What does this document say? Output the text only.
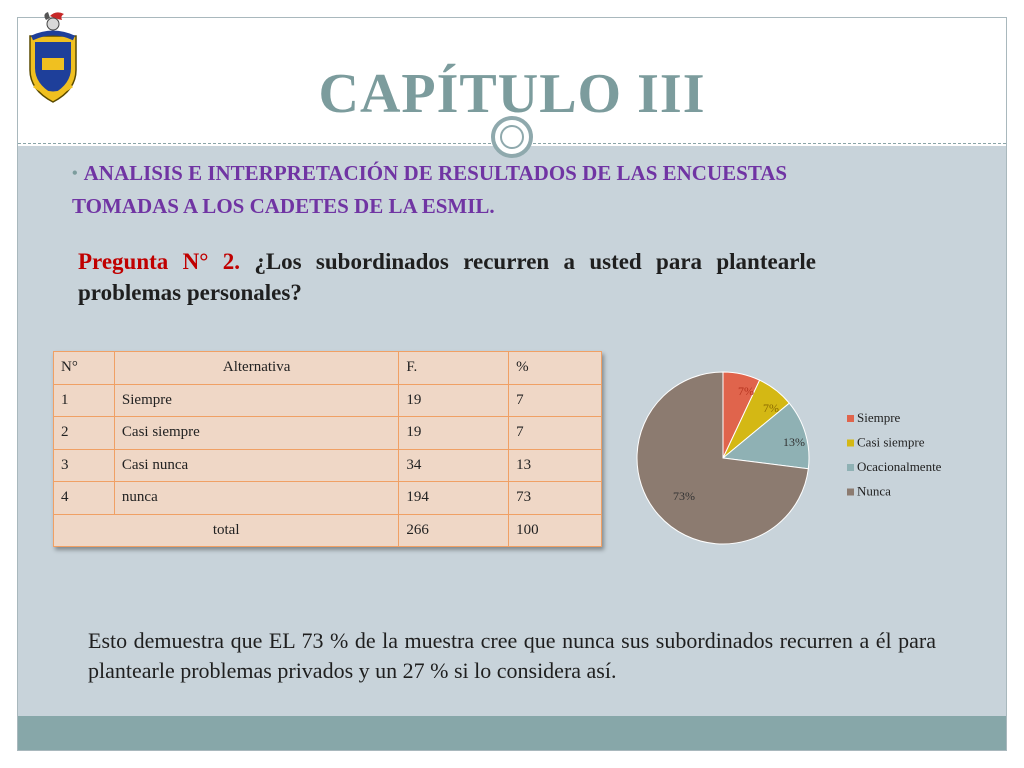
CAPÍTULO III
• ANALISIS E INTERPRETACIÓN DE RESULTADOS DE LAS ENCUESTAS TOMADAS A LOS CADETES DE LA ESMIL.
Pregunta N° 2. ¿Los subordinados recurren a usted para plantearle problemas personales?
N°	Alternativa	F.	%
1	Siempre	19	7
2	Casi siempre	19	7
3	Casi nunca	34	13
4	nunca	194	73
total		266	100
7%
7%
13%
73%
Siempre
Casi siempre
Ocacionalmente
Nunca
Esto demuestra que EL 73 % de la muestra cree que nunca sus subordinados recurren a él para plantearle problemas privados y un 27 % si lo considera así.
